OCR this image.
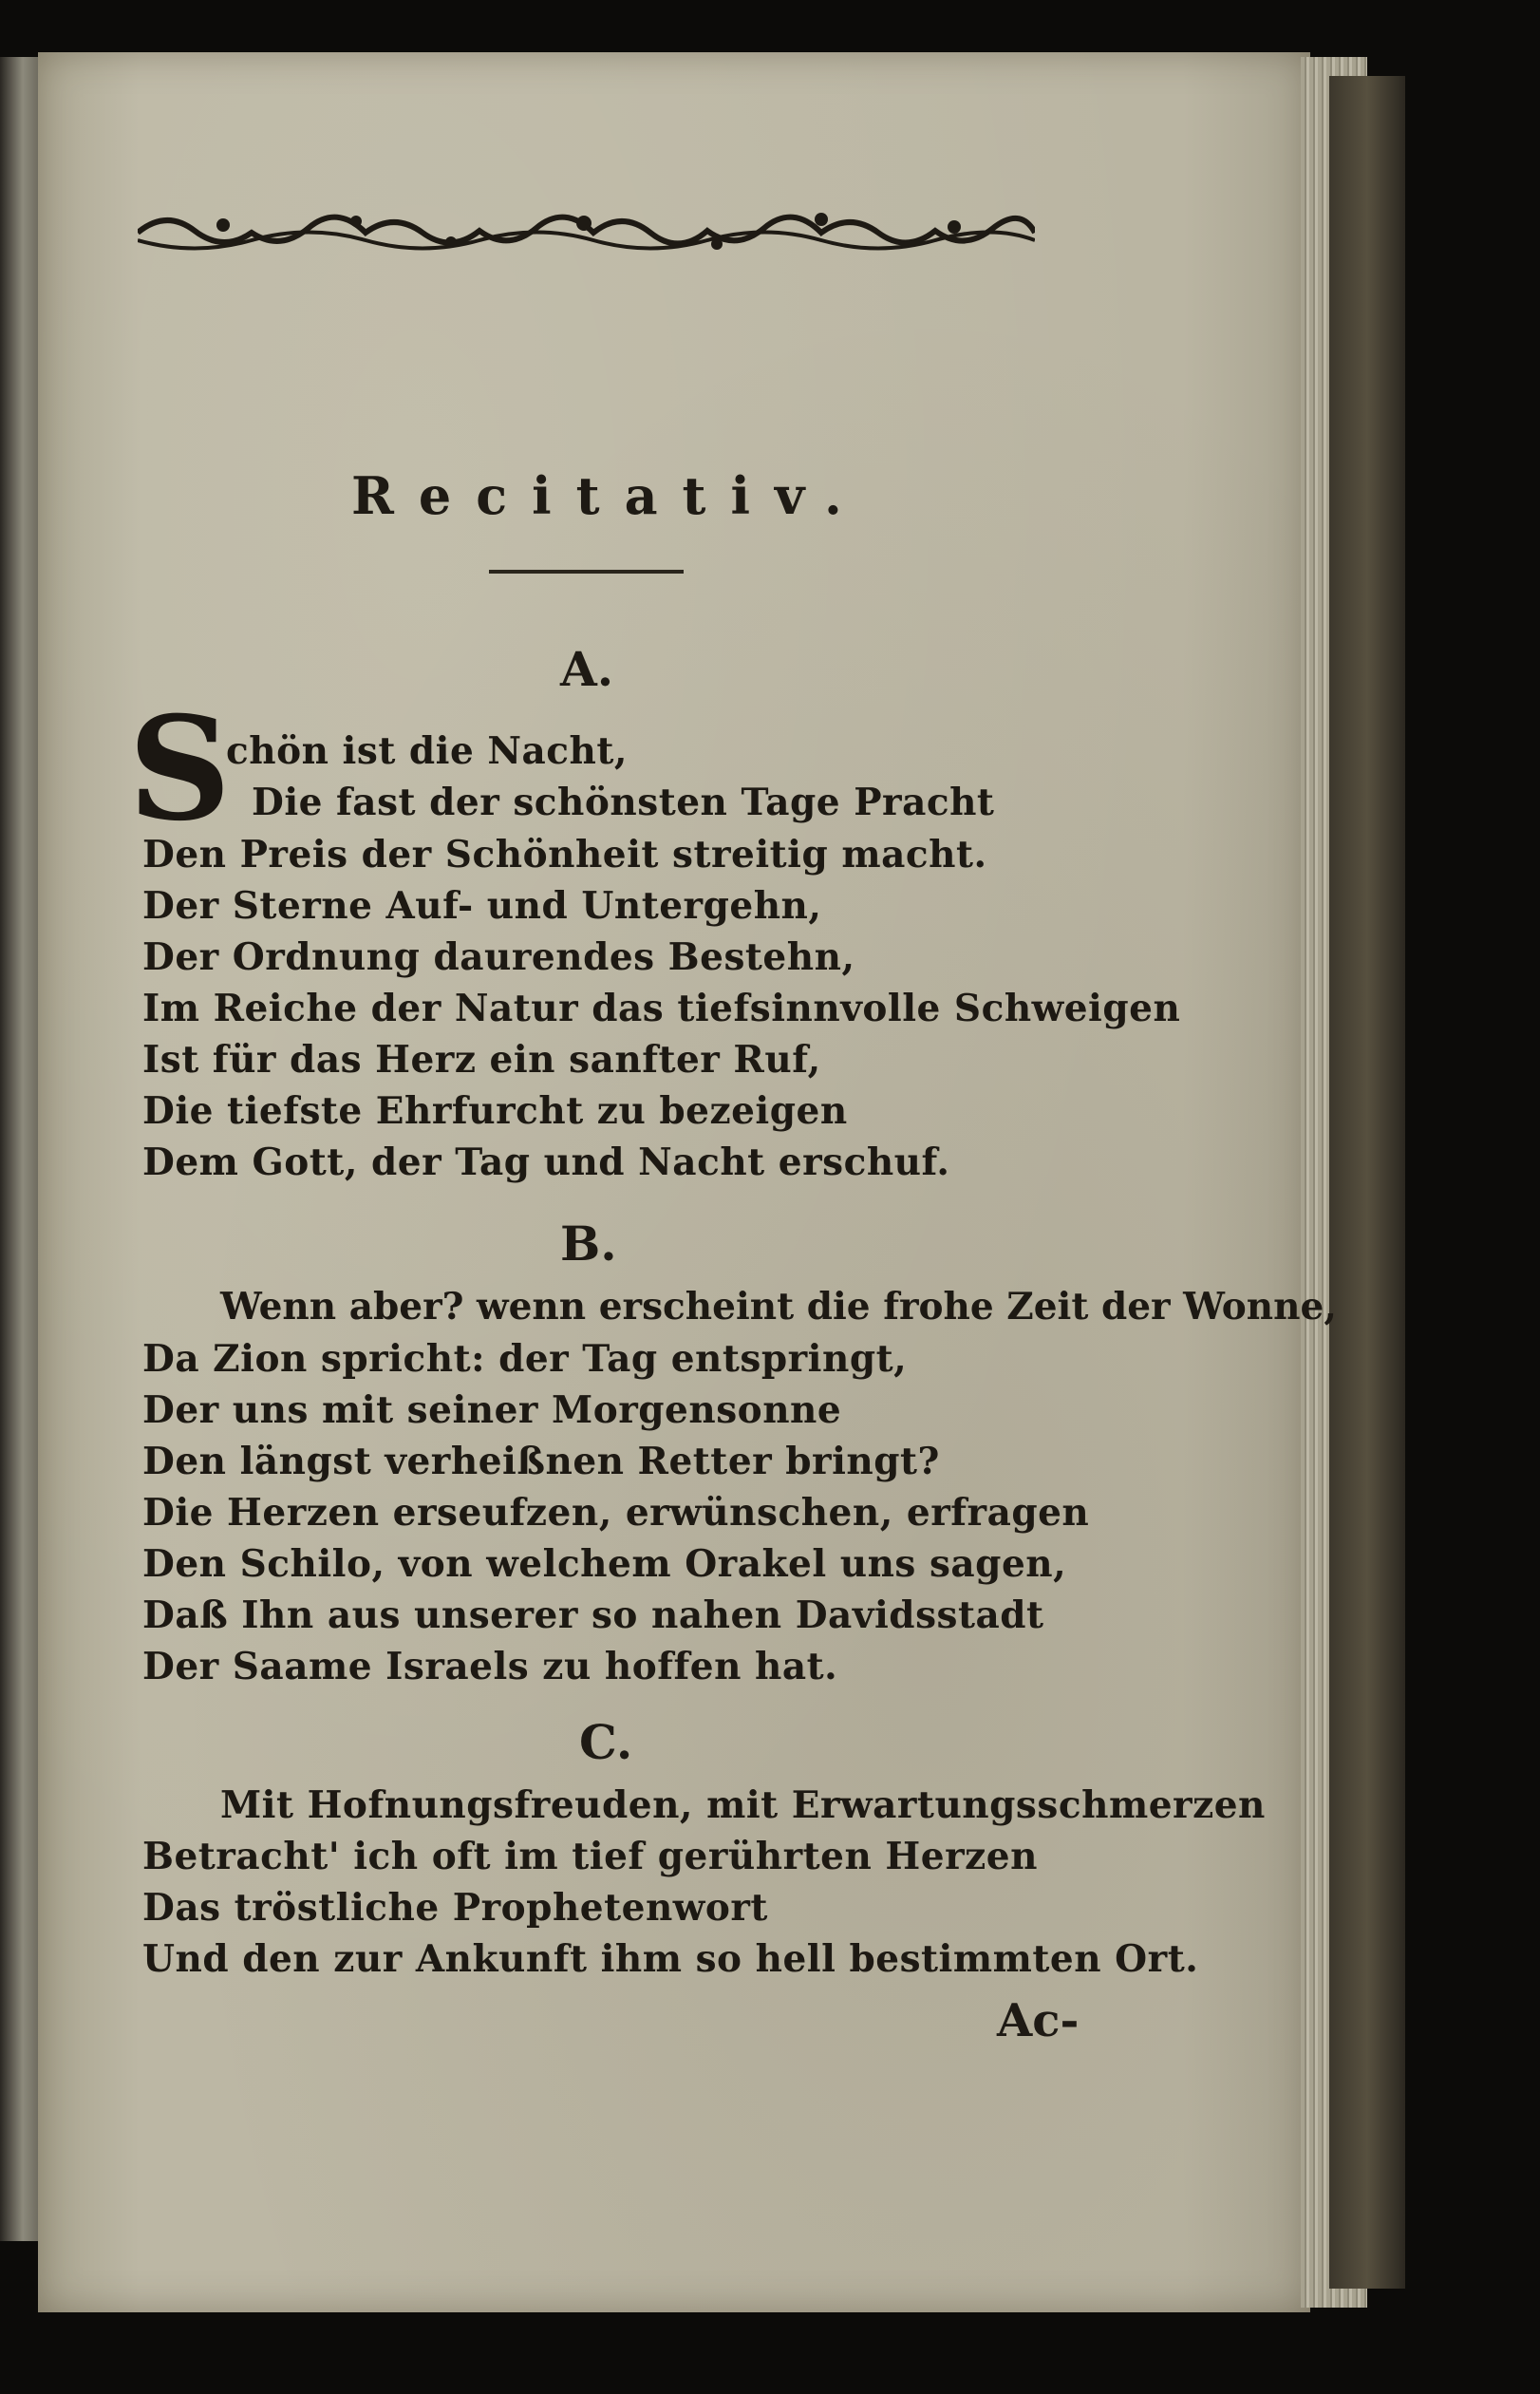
Recitativ.
A.
S
chön ist die Nacht,
Die fast der schönsten Tage Pracht
Den Preis der Schönheit streitig macht.
Der Sterne Auf- und Untergehn,
Der Ordnung daurendes Bestehn,
Im Reiche der Natur das tiefsinnvolle Schweigen
Ist für das Herz ein sanfter Ruf,
Die tiefste Ehrfurcht zu bezeigen
Dem Gott, der Tag und Nacht erschuf.
B.
Wenn aber? wenn erscheint die frohe Zeit der Wonne,
Da Zion spricht: der Tag entspringt,
Der uns mit seiner Morgensonne
Den längst verheißnen Retter bringt?
Die Herzen erseufzen, erwünschen, erfragen
Den Schilo, von welchem Orakel uns sagen,
Daß Ihn aus unserer so nahen Davidsstadt
Der Saame Israels zu hoffen hat.
C.
Mit Hofnungsfreuden, mit Erwartungsschmerzen
Betracht' ich oft im tief gerührten Herzen
Das tröstliche Prophetenwort
Und den zur Ankunft ihm so hell bestimmten Ort.
Ac-
